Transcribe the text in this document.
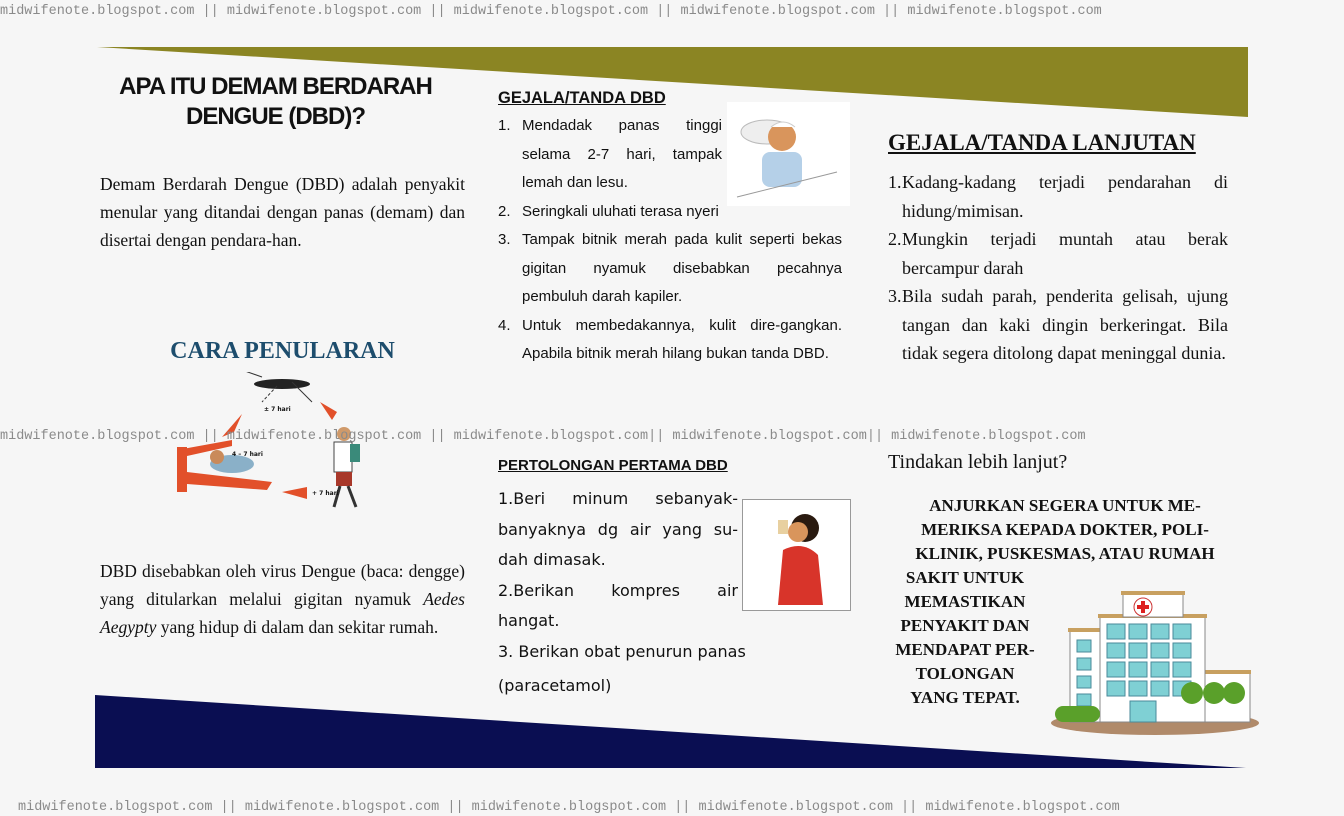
midwifenote.blogspot.com || midwifenote.blogspot.com || midwifenote.blogspot.com || midwifenote.blogspot.com || midwifenote.blogspot.com
midwifenote.blogspot.com || midwifenote.blogspot.com || midwifenote.blogspot.com|| midwifenote.blogspot.com|| midwifenote.blogspot.com
midwifenote.blogspot.com || midwifenote.blogspot.com || midwifenote.blogspot.com || midwifenote.blogspot.com || midwifenote.blogspot.com
APA ITU DEMAM BERDARAH DENGUE (DBD)?
Demam Berdarah Dengue (DBD) adalah penyakit menular yang ditandai dengan panas (demam) dan disertai dengan pendara-han.
CARA PENULARAN
± 7 hari
4 – 7 hari
+ 7 hari
DBD disebabkan oleh virus Dengue (baca: dengge) yang ditularkan melalui gigitan nyamuk Aedes Aegypty yang hidup di dalam dan sekitar rumah.
GEJALA/TANDA DBD
1. Mendadak panas tinggi selama 2-7 hari, tampak lemah dan lesu.
2. Seringkali uluhati terasa nyeri
3. Tampak bitnik merah pada kulit seperti bekas gigitan nyamuk disebabkan pecahnya pembuluh darah kapiler.
4. Untuk membedakannya, kulit dire-gangkan. Apabila bitnik merah hilang bukan tanda DBD.
PERTOLONGAN PERTAMA DBD
1.Beri minum sebanyak-banyaknya dg air yang su-dah dimasak.
2.Berikan kompres air hangat.
3. Berikan obat penurun panas
(paracetamol)
GEJALA/TANDA LANJUTAN
1. Kadang-kadang terjadi pendarahan di hidung/mimisan.
2. Mungkin terjadi muntah atau berak bercampur darah
3. Bila sudah parah, penderita gelisah, ujung tangan dan kaki dingin berkeringat. Bila tidak segera ditolong dapat meninggal dunia.
Tindakan lebih lanjut?
ANJURKAN SEGERA UNTUK ME-
MERIKSA KEPADA DOKTER, POLI-
KLINIK, PUSKESMAS, ATAU RUMAH
SAKIT UNTUK
MEMASTIKAN
PENYAKIT DAN
MENDAPAT PER-
TOLONGAN
YANG TEPAT.
